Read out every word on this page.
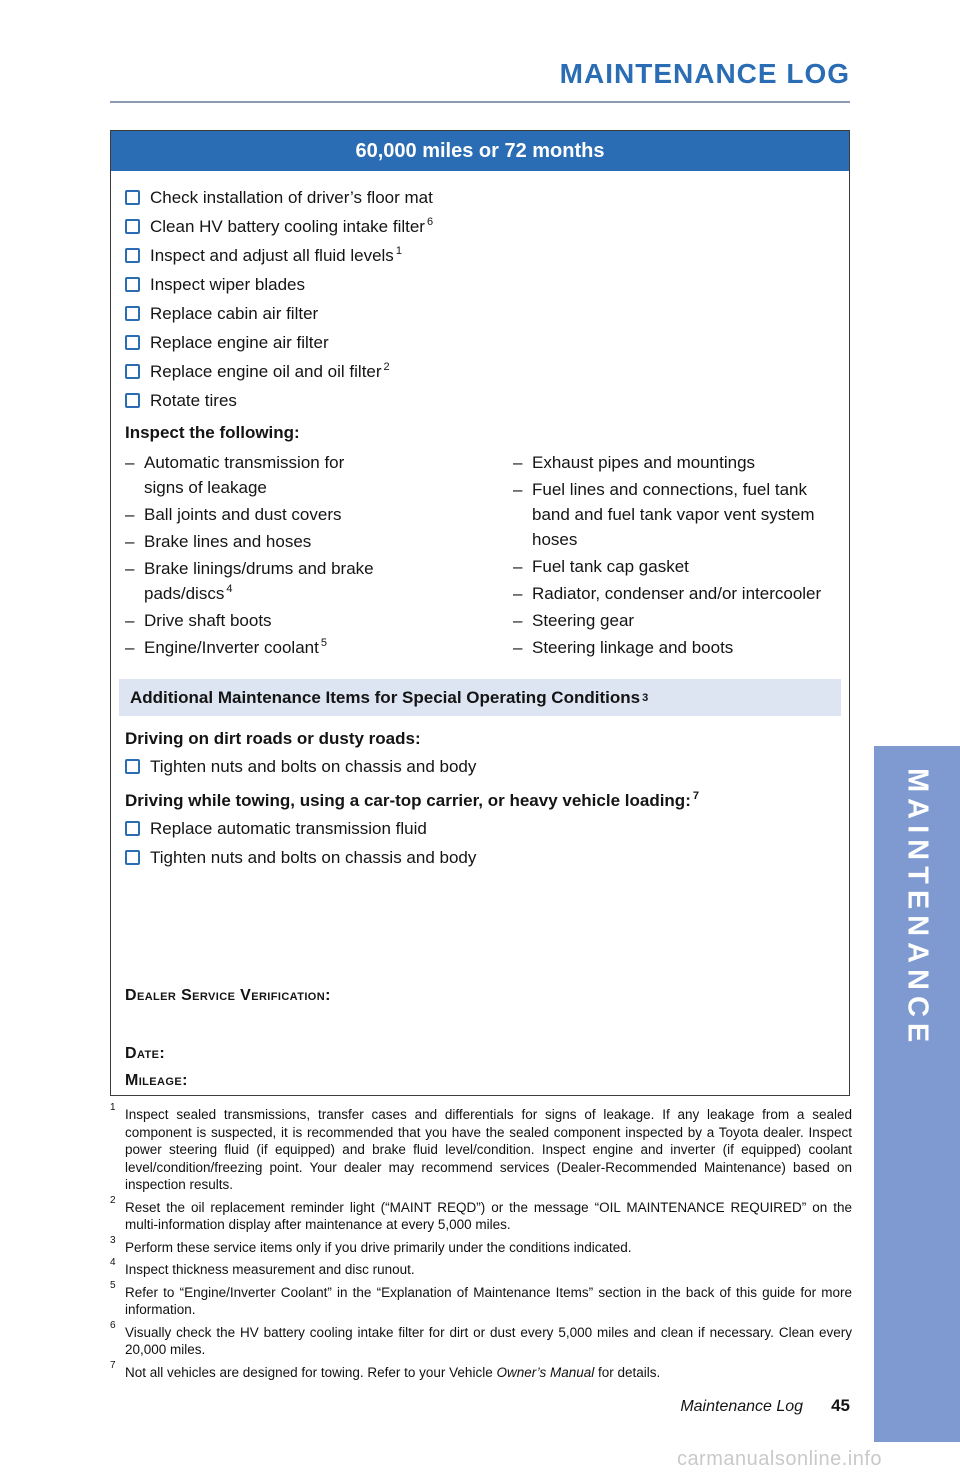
MAINTENANCE LOG
60,000 miles or 72 months
Check installation of driver’s floor mat
Clean HV battery cooling intake filter $^6$
Inspect and adjust all fluid levels $^1$
Inspect wiper blades
Replace cabin air filter
Replace engine air filter
Replace engine oil and oil filter $^2$
Rotate tires
Inspect the following:
– Automatic transmission for signs of leakage
– Ball joints and dust covers
– Brake lines and hoses
– Brake linings/drums and brake pads/discs $^4$
– Drive shaft boots
– Engine/Inverter coolant $^5$
– Exhaust pipes and mountings
– Fuel lines and connections, fuel tank band and fuel tank vapor vent system hoses
– Fuel tank cap gasket
– Radiator, condenser and/or intercooler
– Steering gear
– Steering linkage and boots
Additional Maintenance Items for Special Operating Conditions 3
Driving on dirt roads or dusty roads:
Tighten nuts and bolts on chassis and body
Driving while towing, using a car-top carrier, or heavy vehicle loading: $^7$
Replace automatic transmission fluid
Tighten nuts and bolts on chassis and body
Dealer Service Verification:
Date:
Mileage:
1 Inspect sealed transmissions, transfer cases and differentials for signs of leakage. If any leakage from a sealed component is suspected, it is recommended that you have the sealed component inspected by a Toyota dealer. Inspect power steering fluid (if equipped) and brake fluid level/condition. Inspect engine and inverter (if equipped) coolant level/condition/freezing point. Your dealer may recommend services (Dealer-Recommended Maintenance) based on inspection results.
2 Reset the oil replacement reminder light (“MAINT REQD”) or the message “OIL MAINTENANCE REQUIRED” on the multi-information display after maintenance at every 5,000 miles.
3 Perform these service items only if you drive primarily under the conditions indicated.
4 Inspect thickness measurement and disc runout.
5 Refer to “Engine/Inverter Coolant” in the “Explanation of Maintenance Items” section in the back of this guide for more information.
6 Visually check the HV battery cooling intake filter for dirt or dust every 5,000 miles and clean if necessary. Clean every 20,000 miles.
7 Not all vehicles are designed for towing. Refer to your Vehicle Owner’s Manual for details.
Maintenance Log 45
MAINTENANCE
carmanualsonline.info
